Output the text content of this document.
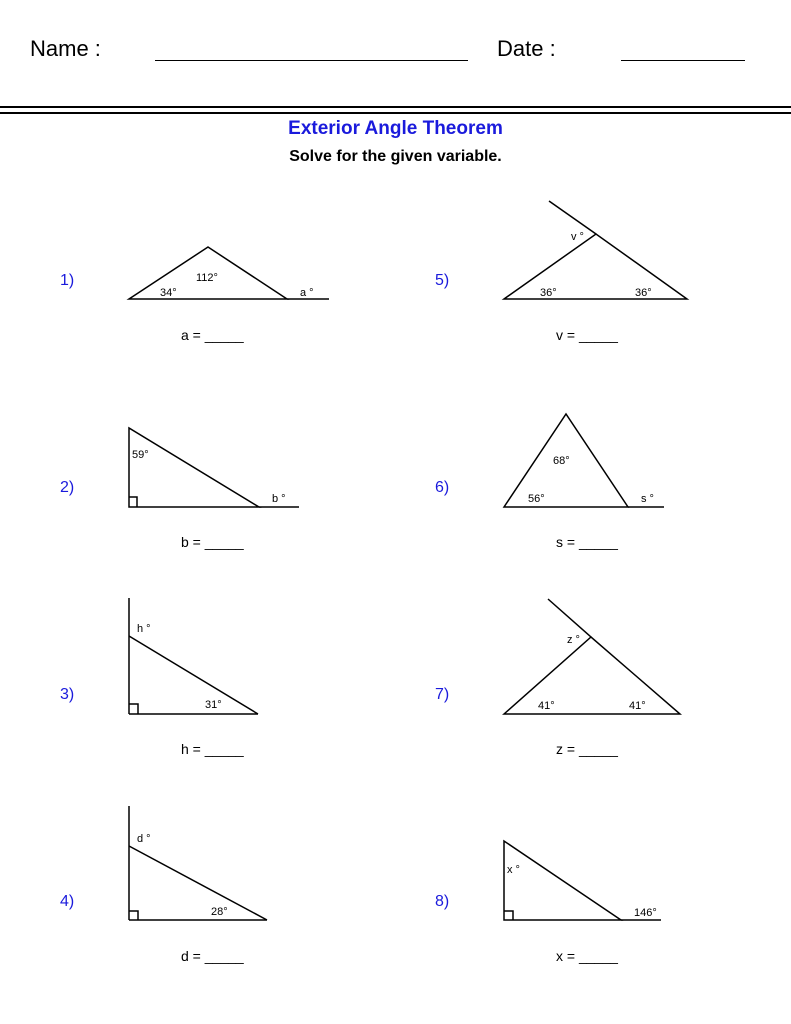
Name :	Date :
Exterior Angle Theorem
Solve for the given variable.
1)
2)
3)
4)
5)
6)
7)
8)
a = _____
b = _____
h = _____
d = _____
v = _____
s = _____
z = _____
x = _____
34°
112°
a °
59°
b °
h °
31°
d °
28°
v °
36°	36°
68°
56°	s °
z °
41°	41°
x °
146°
